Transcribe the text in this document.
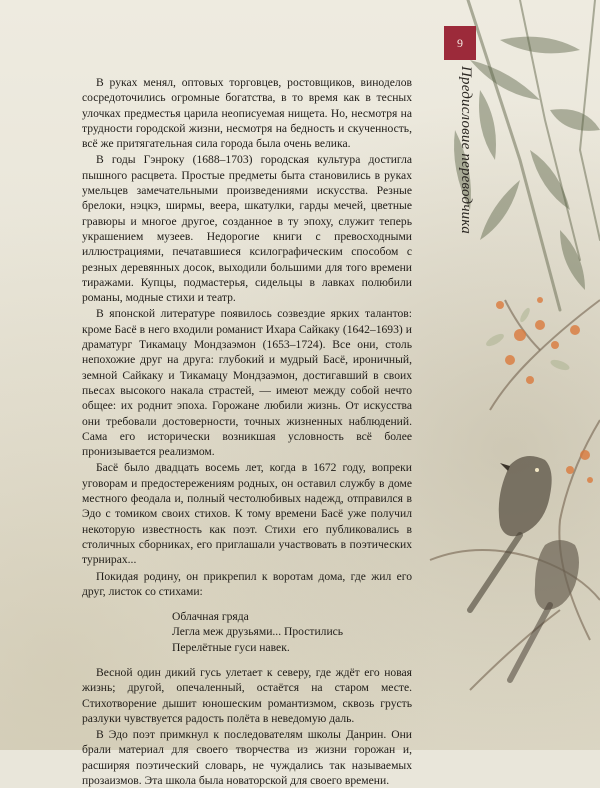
9
Предисловие переводчика

В руках менял, оптовых торговцев, ростовщиков, виноделов сосредоточились огромные богатства, в то время как в тесных улочках предместья царила неописуемая нищета. Но, несмотря на трудности городской жизни, несмотря на бедность и скученность, всё же притягательная сила города была очень велика.

В годы Гэнроку (1688–1703) городская культура достигла пышного расцвета. Простые предметы быта становились в руках умельцев замечательными произведениями искусства. Резные брелоки, нэцкэ, ширмы, веера, шкатулки, гарды мечей, цветные гравюры и многое другое, созданное в ту эпоху, служит теперь украшением музеев. Недорогие книги с превосходными иллюстрациями, печатавшиеся ксилографическим способом с резных деревянных досок, выходили большими для того времени тиражами. Купцы, подмастерья, сидельцы в лавках полюбили романы, модные стихи и театр.

В японской литературе появилось созвездие ярких талантов: кроме Басё в него входили романист Ихара Сайкаку (1642–1693) и драматург Тикамацу Мондзаэмон (1653–1724). Все они, столь непохожие друг на друга: глубокий и мудрый Басё, ироничный, земной Сайкаку и Тикамацу Мондзаэмон, достигавший в своих пьесах высокого накала страстей, — имеют между собой нечто общее: их роднит эпоха. Горожане любили жизнь. От искусства они требовали достоверности, точных жизненных наблюдений. Сама его исторически возникшая условность всё более пронизывается реализмом.

Басё было двадцать восемь лет, когда в 1672 году, вопреки уговорам и предостережениям родных, он оставил службу в доме местного феодала и, полный честолюбивых надежд, отправился в Эдо с томиком своих стихов. К тому времени Басё уже получил некоторую известность как поэт. Стихи его публиковались в столичных сборниках, его приглашали участвовать в поэтических турнирах...

Покидая родину, он прикрепил к воротам дома, где жил его друг, листок со стихами:

Облачная гряда
Легла меж друзьями... Простились
Перелётные гуси навек.

Весной один дикий гусь улетает к северу, где ждёт его новая жизнь; другой, опечаленный, остаётся на старом месте. Стихотворение дышит юношеским романтизмом, сквозь грусть разлуки чувствуется радость полёта в неведомую даль.

В Эдо поэт примкнул к последователям школы Данрин. Они брали материал для своего творчества из жизни горожан и, расширяя поэтический словарь, не чуждались так называемых прозаизмов. Эта школа была новаторской для своего времени.
